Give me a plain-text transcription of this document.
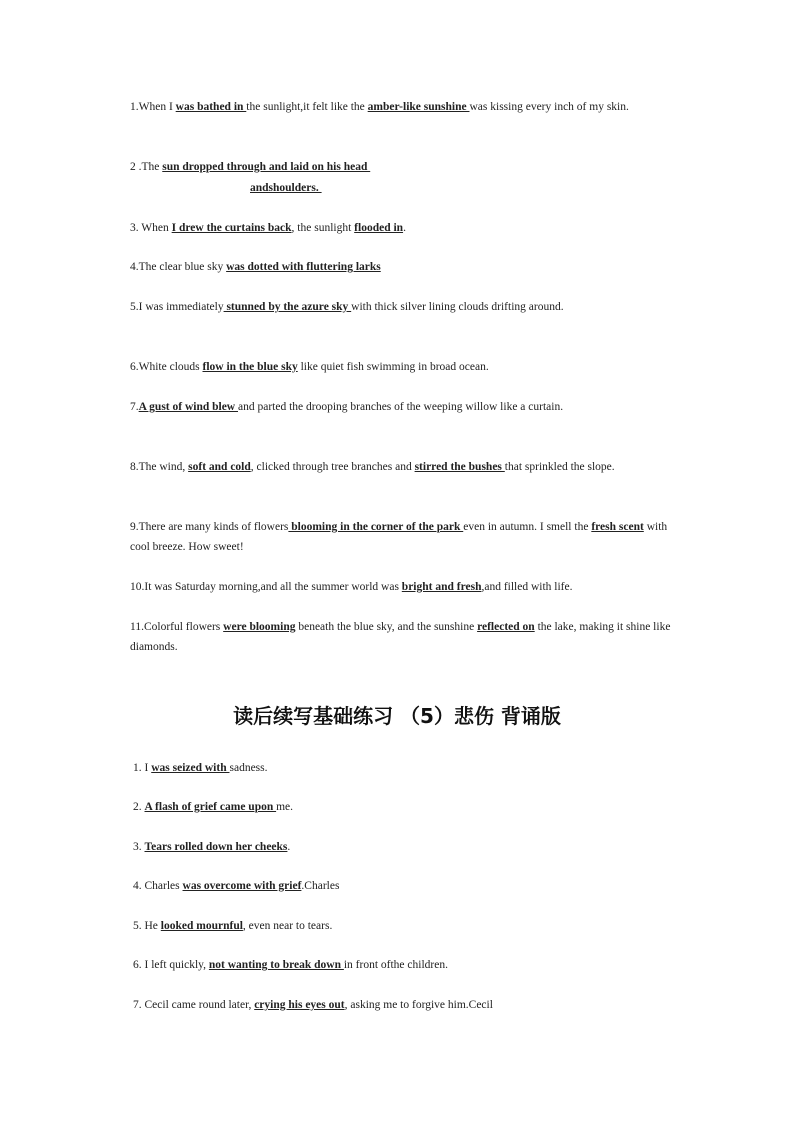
1.When I was bathed in the sunlight,it felt like the amber-like sunshine was kissing every inch of my skin.
2 .The sun dropped through and laid on his head
andshoulders.
3. When I drew the curtains back, the sunlight flooded in.
4.The clear blue sky was dotted with fluttering larks
5.I was immediately stunned by the azure sky with thick silver lining clouds drifting around.
6.White clouds flow in the blue sky like quiet fish swimming in broad ocean.
7.A gust of wind blew and parted the drooping branches of the weeping willow like a curtain.
8.The wind, soft and cold, clicked through tree branches and stirred the bushes that sprinkled the slope.
9.There are many kinds of flowers blooming in the corner of the park even in autumn. I smell the fresh scent with cool breeze. How sweet!
10.It was Saturday morning,and all the summer world was bright and fresh,and filled with life.
11.Colorful flowers were blooming beneath the blue sky, and the sunshine reflected on the lake, making it shine like diamonds.
读后续写基础练习 （5）悲伤 背诵版
1. I was seized with sadness.
2. A flash of grief came upon me.
3. Tears rolled down her cheeks.
4. Charles was overcome with grief.Charles
5. He looked mournful, even near to tears.
6. I left quickly, not wanting to break down in front ofthe children.
7. Cecil came round later, crying his eyes out, asking me to forgive him.Cecil
